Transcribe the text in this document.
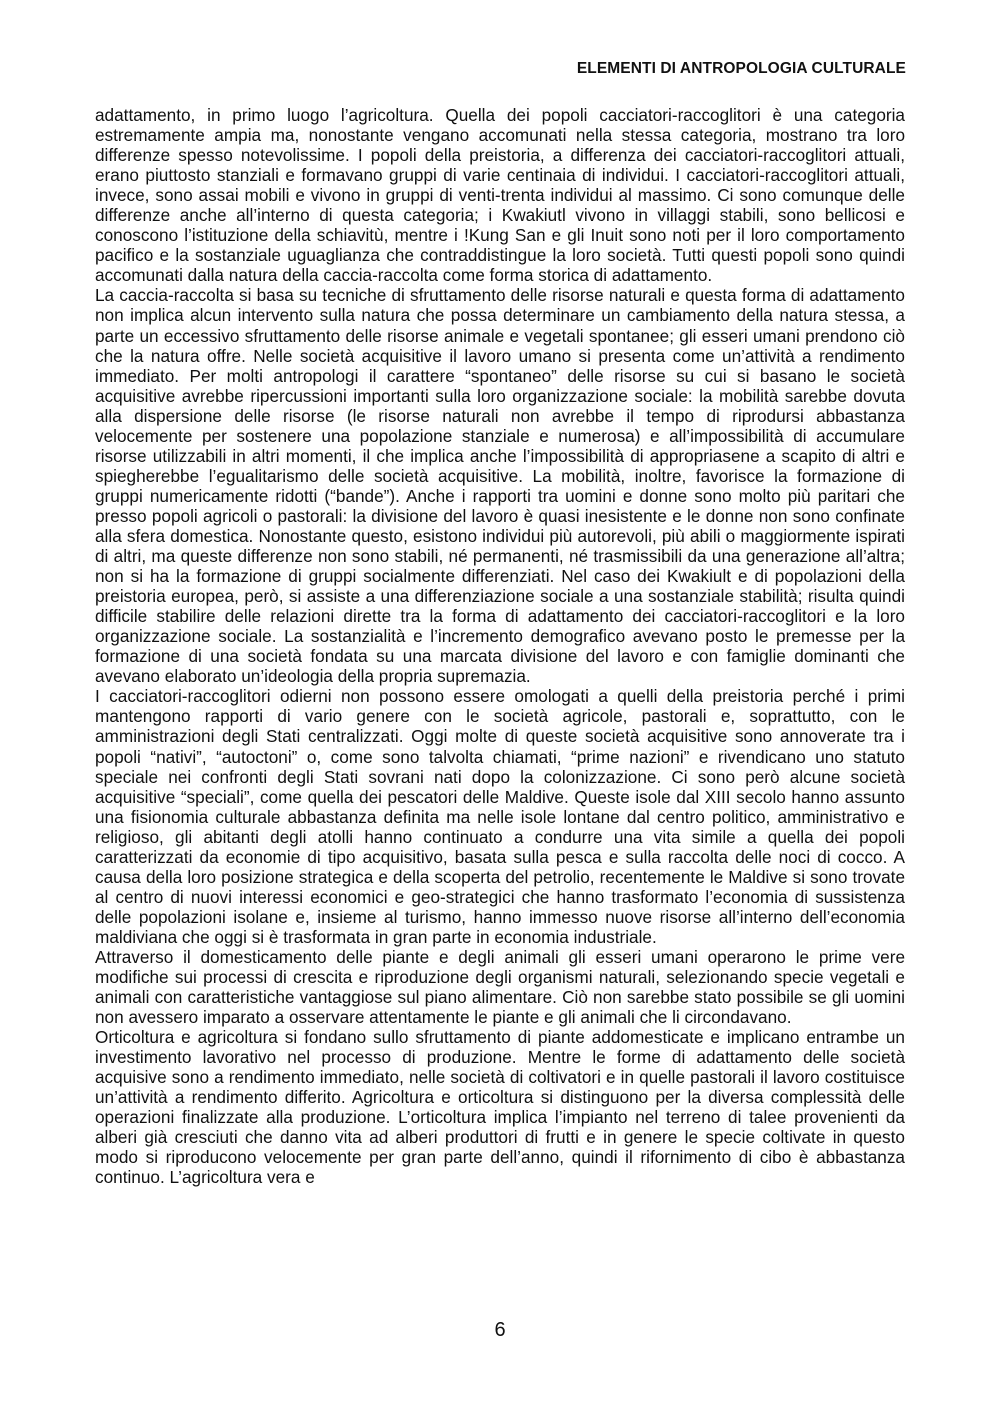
ELEMENTI DI ANTROPOLOGIA CULTURALE

adattamento, in primo luogo l’agricoltura. Quella dei popoli cacciatori-raccoglitori è una categoria estremamente ampia ma, nonostante vengano accomunati nella stessa categoria, mostrano tra loro differenze spesso notevolissime. I popoli della preistoria, a differenza dei cacciatori-raccoglitori attuali, erano piuttosto stanziali e formavano gruppi di varie centinaia di individui. I cacciatori-raccoglitori attuali, invece, sono assai mobili e vivono in gruppi di venti-trenta individui al massimo. Ci sono comunque delle differenze anche all’interno di questa categoria; i Kwakiutl vivono in villaggi stabili, sono bellicosi e conoscono l’istituzione della schiavitù, mentre i !Kung San e gli Inuit sono noti per il loro comportamento pacifico e la sostanziale uguaglianza che contraddistingue la loro società. Tutti questi popoli sono quindi accomunati dalla natura della caccia-raccolta come forma storica di adattamento.

La caccia-raccolta si basa su tecniche di sfruttamento delle risorse naturali e questa forma di adattamento non implica alcun intervento sulla natura che possa determinare un cambiamento della natura stessa, a parte un eccessivo sfruttamento delle risorse animale e vegetali spontanee; gli esseri umani prendono ciò che la natura offre. Nelle società acquisitive il lavoro umano si presenta come un’attività a rendimento immediato. Per molti antropologi il carattere “spontaneo” delle risorse su cui si basano le società acquisitive avrebbe ripercussioni importanti sulla loro organizzazione sociale: la mobilità sarebbe dovuta alla dispersione delle risorse (le risorse naturali non avrebbe il tempo di riprodursi abbastanza velocemente per sostenere una popolazione stanziale e numerosa) e all’impossibilità di accumulare risorse utilizzabili in altri momenti, il che implica anche l’impossibilità di appropriasene a scapito di altri e spiegherebbe l’egualitarismo delle società acquisitive. La mobilità, inoltre, favorisce la formazione di gruppi numericamente ridotti (“bande”). Anche i rapporti tra uomini e donne sono molto più paritari che presso popoli agricoli o pastorali: la divisione del lavoro è quasi inesistente e le donne non sono confinate alla sfera domestica. Nonostante questo, esistono individui più autorevoli, più abili o maggiormente ispirati di altri, ma queste differenze non sono stabili, né permanenti, né trasmissibili da una generazione all’altra; non si ha la formazione di gruppi socialmente differenziati. Nel caso dei Kwakiult e di popolazioni della preistoria europea, però, si assiste a una differenziazione sociale a una sostanziale stabilità; risulta quindi difficile stabilire delle relazioni dirette tra la forma di adattamento dei cacciatori-raccoglitori e la loro organizzazione sociale. La sostanzialità e l’incremento demografico avevano posto le premesse per la formazione di una società fondata su una marcata divisione del lavoro e con famiglie dominanti che avevano elaborato un’ideologia della propria supremazia.

I cacciatori-raccoglitori odierni non possono essere omologati a quelli della preistoria perché i primi mantengono rapporti di vario genere con le società agricole, pastorali e, soprattutto, con le amministrazioni degli Stati centralizzati. Oggi molte di queste società acquisitive sono annoverate tra i popoli “nativi”, “autoctoni” o, come sono talvolta chiamati, “prime nazioni” e rivendicano uno statuto speciale nei confronti degli Stati sovrani nati dopo la colonizzazione. Ci sono però alcune società acquisitive “speciali”, come quella dei pescatori delle Maldive. Queste isole dal XIII secolo hanno assunto una fisionomia culturale abbastanza definita ma nelle isole lontane dal centro politico, amministrativo e religioso, gli abitanti degli atolli hanno continuato a condurre una vita simile a quella dei popoli caratterizzati da economie di tipo acquisitivo, basata sulla pesca e sulla raccolta delle noci di cocco. A causa della loro posizione strategica e della scoperta del petrolio, recentemente le Maldive si sono trovate al centro di nuovi interessi economici e geo-strategici che hanno trasformato l’economia di sussistenza delle popolazioni isolane e, insieme al turismo, hanno immesso nuove risorse all’interno dell’economia maldiviana che oggi si è trasformata in gran parte in economia industriale.

Attraverso il domesticamento delle piante e degli animali gli esseri umani operarono le prime vere modifiche sui processi di crescita e riproduzione degli organismi naturali, selezionando specie vegetali e animali con caratteristiche vantaggiose sul piano alimentare. Ciò non sarebbe stato possibile se gli uomini non avessero imparato a osservare attentamente le piante e gli animali che li circondavano.

Orticoltura e agricoltura si fondano sullo sfruttamento di piante addomesticate e implicano entrambe un investimento lavorativo nel processo di produzione. Mentre le forme di adattamento delle società acquisive sono a rendimento immediato, nelle società di coltivatori e in quelle pastorali il lavoro costituisce un’attività a rendimento differito. Agricoltura e orticoltura si distinguono per la diversa complessità delle operazioni finalizzate alla produzione. L’orticoltura implica l’impianto nel terreno di talee provenienti da alberi già cresciuti che danno vita ad alberi produttori di frutti e in genere le specie coltivate in questo modo si riproducono velocemente per gran parte dell’anno, quindi il rifornimento di cibo è abbastanza continuo. L’agricoltura vera e

6
